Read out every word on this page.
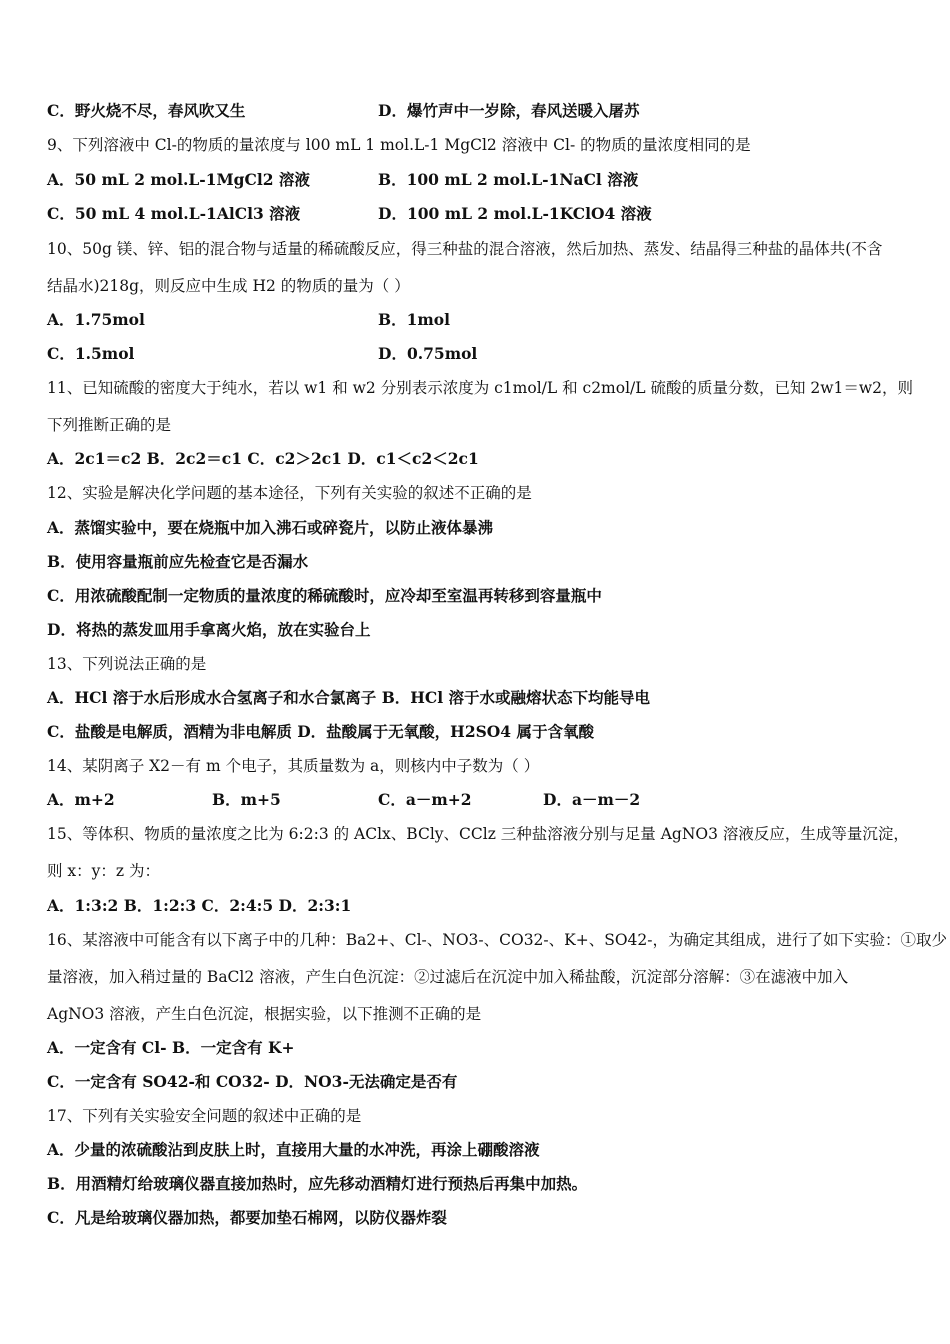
C．野火烧不尽，春风吹又生	D．爆竹声中一岁除，春风送暖入屠苏
9、下列溶液中 Cl-的物质的量浓度与 l00 mL 1 mol.L-1 MgCl2 溶液中 Cl- 的物质的量浓度相同的是
A．50 mL 2 mol.L-1MgCl2 溶液	B．100 mL 2 mol.L-1NaCl 溶液
C．50 mL 4 mol.L-1AlCl3 溶液	D．100 mL 2 mol.L-1KClO4 溶液
10、50g 镁、锌、铝的混合物与适量的稀硫酸反应，得三种盐的混合溶液，然后加热、蒸发、结晶得三种盐的晶体共(不含
结晶水)218g，则反应中生成 H2 的物质的量为（ ）
A．1.75mol	B．1mol
C．1.5mol	D．0.75mol
11、已知硫酸的密度大于纯水，若以 w1 和 w2 分别表示浓度为 c1mol/L 和 c2mol/L 硫酸的质量分数，已知 2w1＝w2，则
下列推断正确的是
A．2c1＝c2 B．2c2＝c1 C．c2＞2c1 D．c1＜c2＜2c1
12、实验是解决化学问题的基本途径，下列有关实验的叙述不正确的是
A．蒸馏实验中，要在烧瓶中加入沸石或碎瓷片，以防止液体暴沸
B．使用容量瓶前应先检查它是否漏水
C．用浓硫酸配制一定物质的量浓度的稀硫酸时，应冷却至室温再转移到容量瓶中
D．将热的蒸发皿用手拿离火焰，放在实验台上
13、下列说法正确的是
A．HCl 溶于水后形成水合氢离子和水合氯离子 B．HCl 溶于水或融熔状态下均能导电
C．盐酸是电解质，酒精为非电解质 D．盐酸属于无氧酸，H2SO4 属于含氧酸
14、某阴离子 X2－有 m 个电子，其质量数为 a，则核内中子数为（ ）
A．m+2	B．m+5	C．a－m+2	D．a－m－2
15、等体积、物质的量浓度之比为 6:2:3 的 AClx、BCly、CClz 三种盐溶液分别与足量 AgNO3 溶液反应，生成等量沉淀，
则 x：y：z 为：
A．1:3:2 B．1:2:3 C．2:4:5 D．2:3:1
16、某溶液中可能含有以下离子中的几种：Ba2+、Cl-、NO3-、CO32-、K+、SO42-，为确定其组成，进行了如下实验：①取少
量溶液，加入稍过量的 BaCl2 溶液，产生白色沉淀：②过滤后在沉淀中加入稀盐酸，沉淀部分溶解：③在滤液中加入
AgNO3 溶液，产生白色沉淀，根据实验，以下推测不正确的是
A．一定含有 Cl- B．一定含有 K+
C．一定含有 SO42-和 CO32- D．NO3-无法确定是否有
17、下列有关实验安全问题的叙述中正确的是
A．少量的浓硫酸沾到皮肤上时，直接用大量的水冲洗，再涂上硼酸溶液
B．用酒精灯给玻璃仪器直接加热时，应先移动酒精灯进行预热后再集中加热。
C．凡是给玻璃仪器加热，都要加垫石棉网，以防仪器炸裂
